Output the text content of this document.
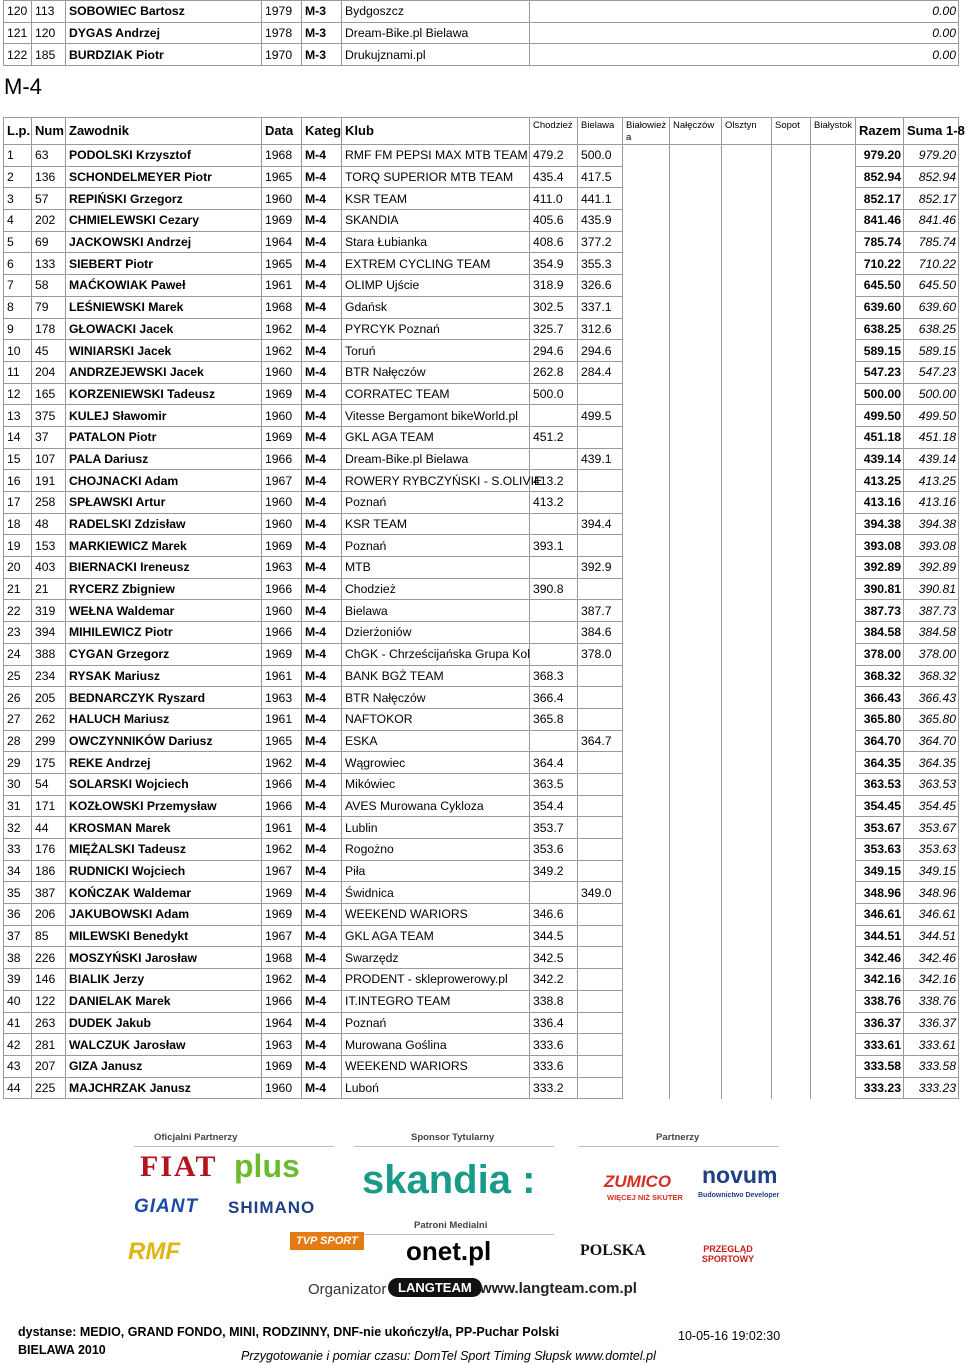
120	113	SOBOWIEC Bartosz	1979	M-3	Bydgoszcz	0.00
121	120	DYGAS Andrzej	1978	M-3	Dream-Bike.pl Bielawa	0.00
122	185	BURDZIAK Piotr	1970	M-3	Drukujznami.pl	0.00
M-4
L.p.	Num	Zawodnik	Data	Kateg	Klub	Chodzież	Bielawa	Białowież a	Nałęczów	Olsztyn	Sopot	Białystok	Razem	Suma 1-8
1	63	PODOLSKI Krzysztof	1968	M-4	RMF FM PEPSI MAX MTB TEAM	479.2	500.0						979.20	979.20
2	136	SCHONDELMEYER Piotr	1965	M-4	TORQ SUPERIOR MTB TEAM	435.4	417.5						852.94	852.94
3	57	REPIŃSKI Grzegorz	1960	M-4	KSR TEAM	411.0	441.1						852.17	852.17
4	202	CHMIELEWSKI Cezary	1969	M-4	SKANDIA	405.6	435.9						841.46	841.46
5	69	JACKOWSKI Andrzej	1964	M-4	Stara Łubianka	408.6	377.2						785.74	785.74
6	133	SIEBERT Piotr	1965	M-4	EXTREM CYCLING TEAM	354.9	355.3						710.22	710.22
7	58	MAĆKOWIAK Paweł	1961	M-4	OLIMP Ujście	318.9	326.6						645.50	645.50
8	79	LEŚNIEWSKI Marek	1968	M-4	Gdańsk	302.5	337.1						639.60	639.60
9	178	GŁOWACKI Jacek	1962	M-4	PYRCYK Poznań	325.7	312.6						638.25	638.25
10	45	WINIARSKI Jacek	1962	M-4	Toruń	294.6	294.6						589.15	589.15
11	204	ANDRZEJEWSKI Jacek	1960	M-4	BTR Nałęczów	262.8	284.4						547.23	547.23
12	165	KORZENIEWSKI Tadeusz	1969	M-4	CORRATEC TEAM	500.0							500.00	500.00
13	375	KULEJ Sławomir	1960	M-4	Vitesse Bergamont bikeWorld.pl		499.5						499.50	499.50
14	37	PATALON Piotr	1969	M-4	GKL AGA TEAM	451.2							451.18	451.18
15	107	PALA Dariusz	1966	M-4	Dream-Bike.pl Bielawa		439.1						439.14	439.14
16	191	CHOJNACKI Adam	1967	M-4	ROWERY RYBCZYŃSKI - S.OLIVIE	413.2							413.25	413.25
17	258	SPŁAWSKI Artur	1960	M-4	Poznań	413.2							413.16	413.16
18	48	RADELSKI Zdzisław	1960	M-4	KSR TEAM		394.4						394.38	394.38
19	153	MARKIEWICZ Marek	1969	M-4	Poznań	393.1							393.08	393.08
20	403	BIERNACKI Ireneusz	1963	M-4	MTB		392.9						392.89	392.89
21	21	RYCERZ Zbigniew	1966	M-4	Chodzież	390.8							390.81	390.81
22	319	WEŁNA Waldemar	1960	M-4	Bielawa		387.7						387.73	387.73
23	394	MIHILEWICZ Piotr	1966	M-4	Dzierżoniów		384.6						384.58	384.58
24	388	CYGAN Grzegorz	1969	M-4	ChGK - Chrześcijańska Grupa Kol		378.0						378.00	378.00
25	234	RYSAK Mariusz	1961	M-4	BANK BGŻ TEAM	368.3							368.32	368.32
26	205	BEDNARCZYK Ryszard	1963	M-4	BTR Nałęczów	366.4							366.43	366.43
27	262	HALUCH Mariusz	1961	M-4	NAFTOKOR	365.8							365.80	365.80
28	299	OWCZYNNIKÓW Dariusz	1965	M-4	ESKA		364.7						364.70	364.70
29	175	REKE Andrzej	1962	M-4	Wągrowiec	364.4							364.35	364.35
30	54	SOLARSKI Wojciech	1966	M-4	Mikówiec	363.5							363.53	363.53
31	171	KOZŁOWSKI Przemysław	1966	M-4	AVES Murowana Cykloza	354.4							354.45	354.45
32	44	KROSMAN Marek	1961	M-4	Lublin	353.7							353.67	353.67
33	176	MIĘŻALSKI Tadeusz	1962	M-4	Rogożno	353.6							353.63	353.63
34	186	RUDNICKI Wojciech	1967	M-4	Piła	349.2							349.15	349.15
35	387	KOŃCZAK Waldemar	1969	M-4	Świdnica		349.0						348.96	348.96
36	206	JAKUBOWSKI Adam	1969	M-4	WEEKEND WARIORS	346.6							346.61	346.61
37	85	MILEWSKI Benedykt	1967	M-4	GKL AGA TEAM	344.5							344.51	344.51
38	226	MOSZYŃSKI Jarosław	1968	M-4	Swarzędz	342.5							342.46	342.46
39	146	BIALIK Jerzy	1962	M-4	PRODENT - skleprowerowy.pl	342.2							342.16	342.16
40	122	DANIELAK Marek	1966	M-4	IT.INTEGRO TEAM	338.8							338.76	338.76
41	263	DUDEK Jakub	1964	M-4	Poznań	336.4							336.37	336.37
42	281	WALCZUK Jarosław	1963	M-4	Murowana Goślina	333.6							333.61	333.61
43	207	GIZA Janusz	1969	M-4	WEEKEND WARIORS	333.6							333.58	333.58
44	225	MAJCHRZAK Janusz	1960	M-4	Luboń	333.2							333.23	333.23
Oficjalni Partnerzy	Sponsor Tytularny	Partnerzy
FIAT plus
GIANT SHIMANO
skandia :	ZUMICO
WIĘCEJ NIŻ SKUTER
novum
Budownictwo Developer
Patroni Medialni
RMF	TVP SPORT onet.pl	POLSKA	PRZEGLĄD SPORTOWY
Organizator LANGTEAM www.langteam.com.pl
dystanse: MEDIO, GRAND FONDO, MINI, RODZINNY, DNF-nie ukończył/a, PP-Puchar Polski
BIELAWA 2010
10-05-16 19:02:30
Przygotowanie i pomiar czasu: DomTel Sport Timing Słupsk www.domtel.pl
